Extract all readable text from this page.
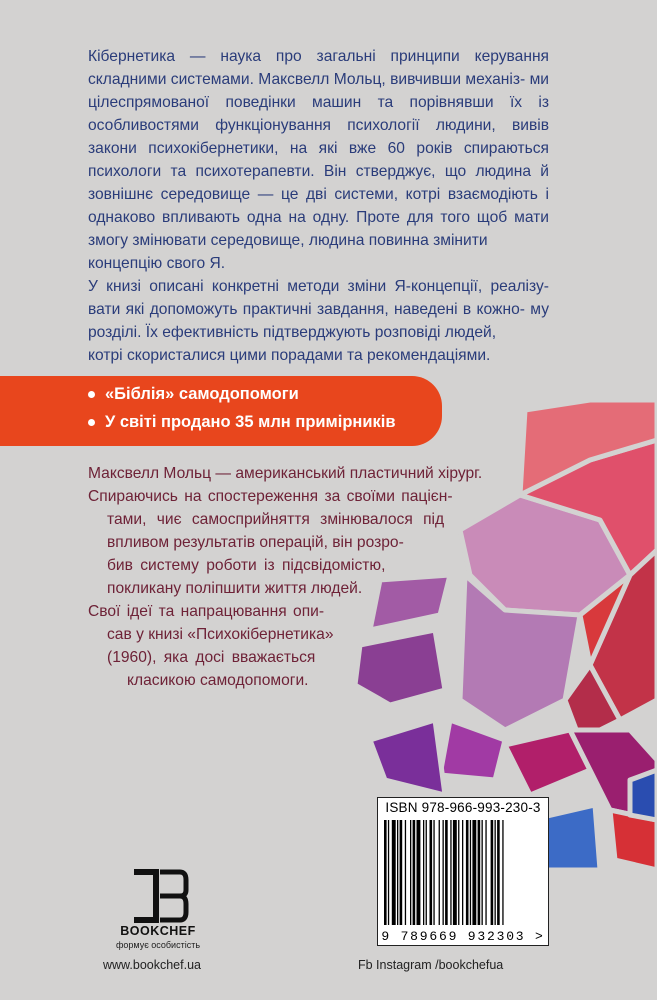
Кібернетика — наука про загальні принципи керування складними системами. Максвелл Мольц, вивчивши механіз- ми цілеспрямованої поведінки машин та порівнявши їх із особливостями функціонування психології людини, вивів закони психокібернетики, на які вже 60 років спираються психологи та психотерапевти. Він стверджує, що людина й зовнішнє середовище — це дві системи, котрі взаємодіють і однаково впливають одна на одну. Проте для того щоб мати змогу змінювати середовище, людина повинна змінити

концепцію свого Я.

У книзі описані конкретні методи зміни Я-концепції, реалізу- вати які допоможуть практичні завдання, наведені в кожно- му розділі. Їх ефективність підтверджують розповіді людей,

котрі скористалися цими порадами та рекомендаціями.

«Біблія» самодопомоги
У світі продано 35 млн примірників
Максвелл Мольц — американський пластичний хірург.
Спираючись на спостереження за своїми пацієн-
тами, чиє самосприйняття змінювалося під
впливом результатів операцій, він розро-
бив систему роботи із підсвідомістю,
покликану поліпшити життя людей.
Свої ідеї та напрацювання опи-
сав у книзі «Психокібернетика»
(1960), яка досі вважається
класикою самодопомоги.
ISBN 978-966-993-230-3
9 789669 932303 >
BOOKCHEF
формує особистість
www.bookchef.ua	Fb Instagram /bookchefua
